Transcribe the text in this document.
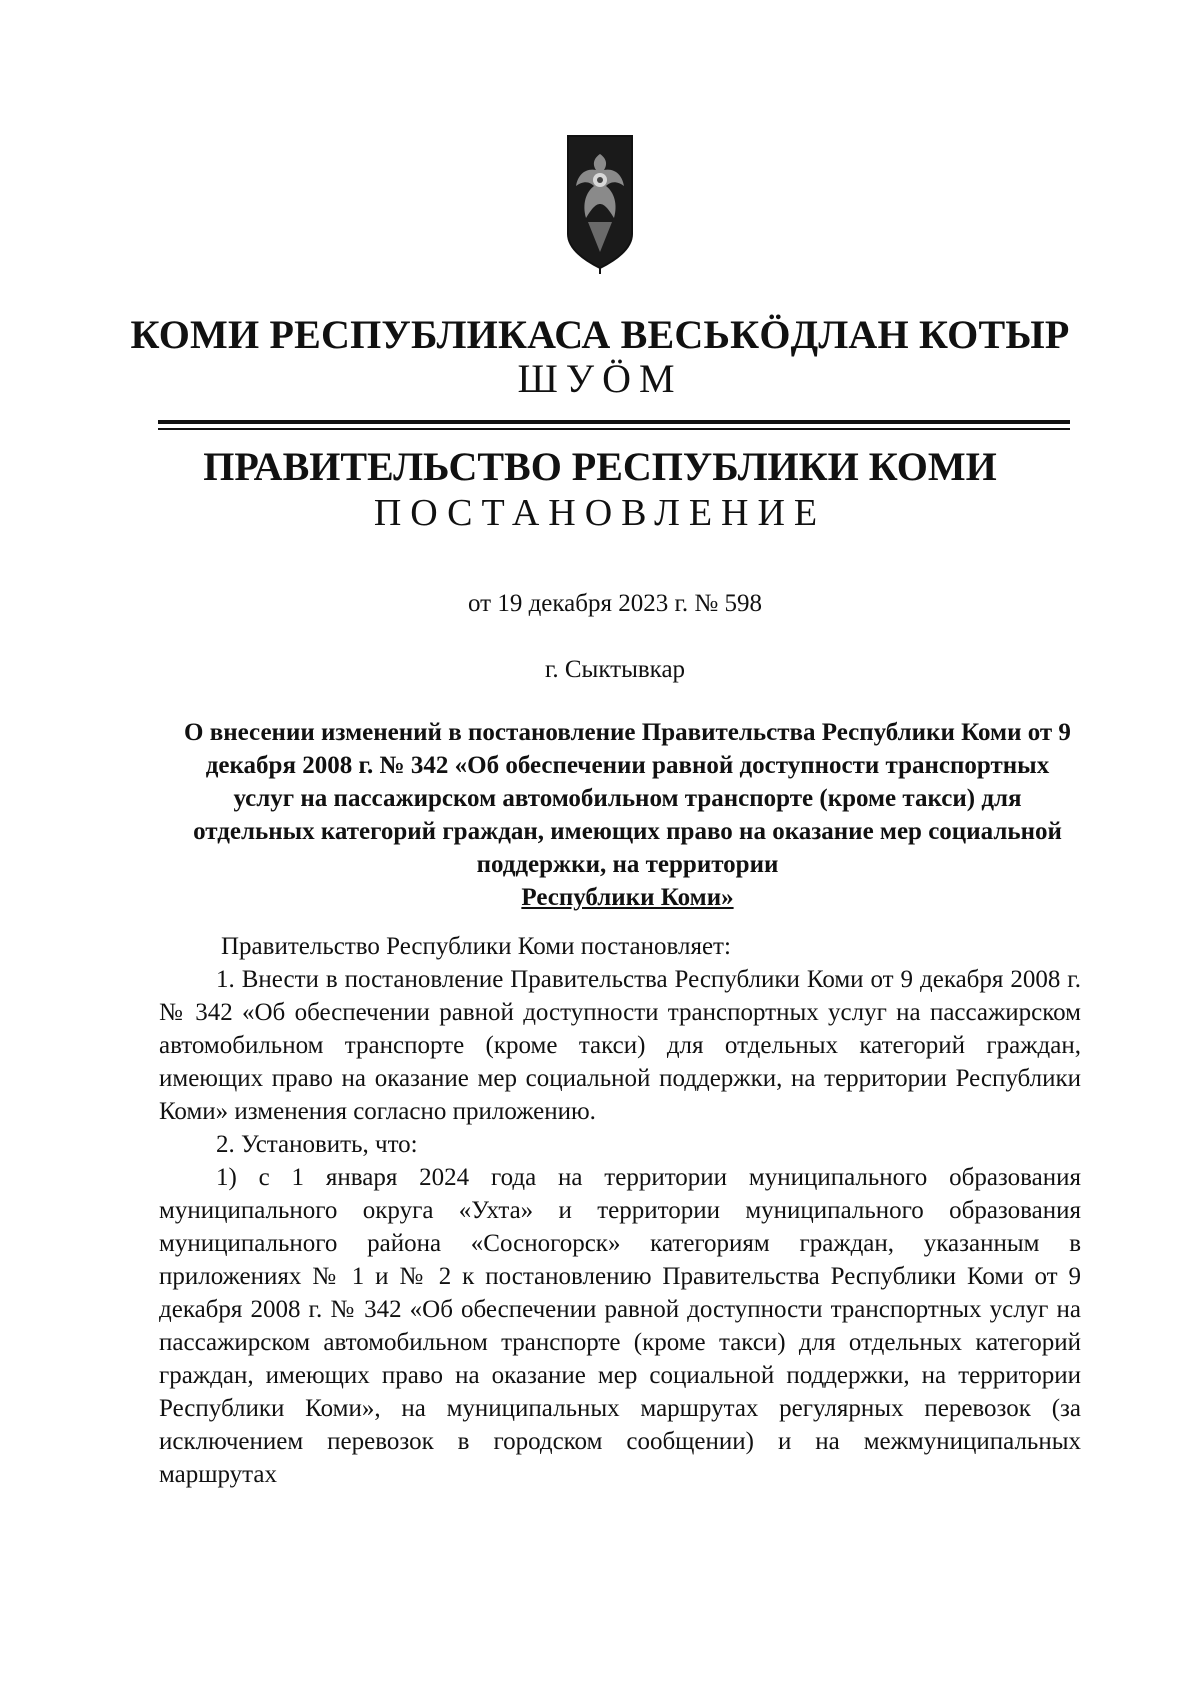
КОМИ РЕСПУБЛИКАСА ВЕСЬКӦДЛАН КОТЫР
ШУӦМ
ПРАВИТЕЛЬСТВО РЕСПУБЛИКИ КОМИ
ПОСТАНОВЛЕНИЕ
от 19 декабря 2023 г. № 598
г. Сыктывкар
О внесении изменений в постановление Правительства Республики Коми от 9 декабря 2008 г. № 342 «Об обеспечении равной доступности транспортных услуг на пассажирском автомобильном транспорте (кроме такси) для отдельных категорий граждан, имеющих право на оказание мер социальной поддержки, на территории
Республики Коми»

Правительство Республики Коми постановляет:

1. Внести в постановление Правительства Республики Коми от 9 декабря 2008 г. № 342 «Об обеспечении равной доступности транспортных услуг на пассажирском автомобильном транспорте (кроме такси) для отдельных категорий граждан, имеющих право на оказание мер социальной поддержки, на территории Республики Коми» изменения согласно приложению.

2. Установить, что:

1) с 1 января 2024 года на территории муниципального образования муниципального округа «Ухта» и территории муниципального образования муниципального района «Сосногорск» категориям граждан, указанным в приложениях № 1 и № 2 к постановлению Правительства Республики Коми от 9 декабря 2008 г. № 342 «Об обеспечении равной доступности транспортных услуг на пассажирском автомобильном транспорте (кроме такси) для отдельных категорий граждан, имеющих право на оказание мер социальной поддержки, на территории Республики Коми», на муниципальных маршрутах регулярных перевозок (за исключением перевозок в городском сообщении) и на межмуниципальных маршрутах
